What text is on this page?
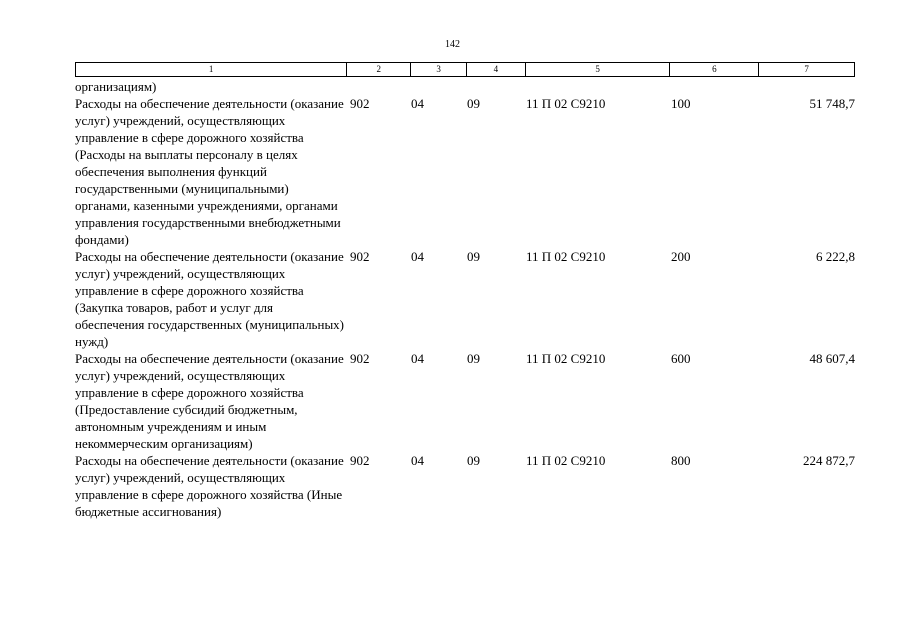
142
1	2	3	4	5	6	7
организациям)
Расходы на обеспечение деятельности (оказание услуг) учреждений, осуществляющих управление в сфере дорожного хозяйства (Расходы на выплаты персоналу в целях обеспечения выполнения функций государственными (муниципальными) органами, казенными учреждениями, органами управления государственными внебюджетными фондами)
902	04	09	11 П 02 С9210	100	51 748,7
Расходы на обеспечение деятельности (оказание услуг) учреждений, осуществляющих управление в сфере дорожного хозяйства (Закупка товаров, работ и услуг для обеспечения государственных (муниципальных) нужд)
902	04	09	11 П 02 С9210	200	6 222,8
Расходы на обеспечение деятельности (оказание услуг) учреждений, осуществляющих управление в сфере дорожного хозяйства (Предоставление субсидий бюджетным, автономным учреждениям и иным некоммерческим организациям)
902	04	09	11 П 02 С9210	600	48 607,4
Расходы на обеспечение деятельности (оказание услуг) учреждений, осуществляющих управление в сфере дорожного хозяйства (Иные бюджетные ассигнования)
902	04	09	11 П 02 С9210	800	224 872,7
